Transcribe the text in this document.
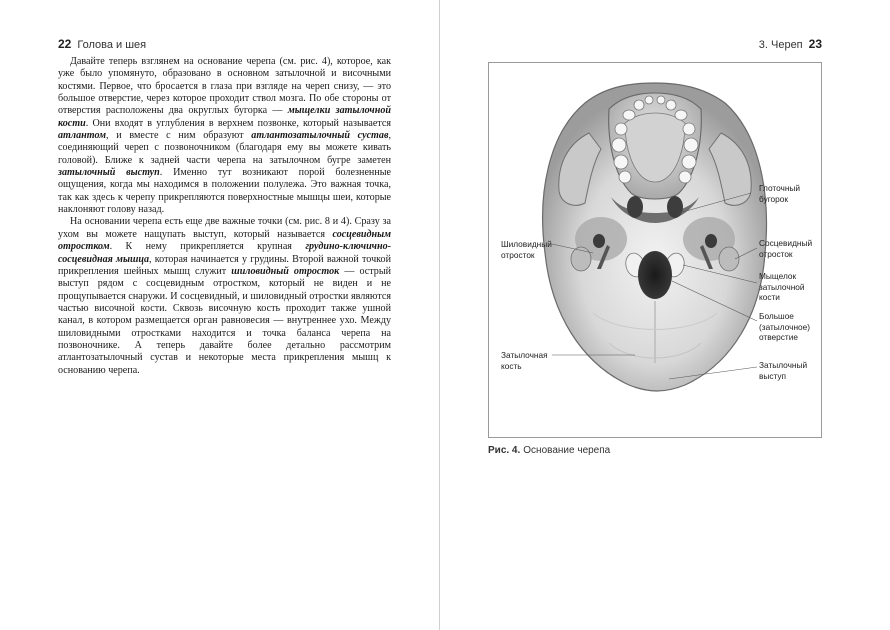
22 Голова и шея

Давайте теперь взглянем на основание черепа (см. рис. 4), которое, как уже было упомянуто, образовано в основном затылочной и височными костями. Первое, что бросается в глаза при взгляде на череп снизу, — это большое отверстие, через которое проходит ствол мозга. По обе стороны от отверстия расположены два округлых бугорка — мыщелки затылочной кости. Они входят в углубления в верхнем позвонке, который называется атлантом, и вместе с ним образуют атлантозатылочный сустав, соединяющий череп с позвоночником (благодаря ему вы можете кивать головой). Ближе к задней части черепа на затылочном бугре заметен затылочный выступ. Именно тут возникают порой болезненные ощущения, когда мы находимся в положении полулежа. Это важная точка, так как здесь к черепу прикрепляются поверхностные мышцы шеи, которые наклоняют голову назад.

На основании черепа есть еще две важные точки (см. рис. 8 и 4). Сразу за ухом вы можете нащупать выступ, который называется сосцевидным отростком. К нему прикрепляется крупная грудино-ключично-сосцевидная мышца, которая начинается у грудины. Второй важной точкой прикрепления шейных мышц служит шиловидный отросток — острый выступ рядом с сосцевидным отростком, который не виден и не прощупывается снаружи. И сосцевидный, и шиловидный отростки являются частью височной кости. Сквозь височную кость проходит также ушной канал, в котором размещается орган равновесия — внутреннее ухо. Между шиловидными отростками находится и точка баланса черепа на позвоночнике. А теперь давайте более детально рассмотрим атлантозатылочный сустав и некоторые места прикрепления мышц к основанию черепа.

3. Череп 23
Глоточный
бугорок
Шиловидный
отросток
Сосцевидный
отросток
Мыщелок
затылочной
кости
Большое
(затылочное)
отверстие
Затылочная
кость	Затылочный
выступ
Рис. 4. Основание черепа
